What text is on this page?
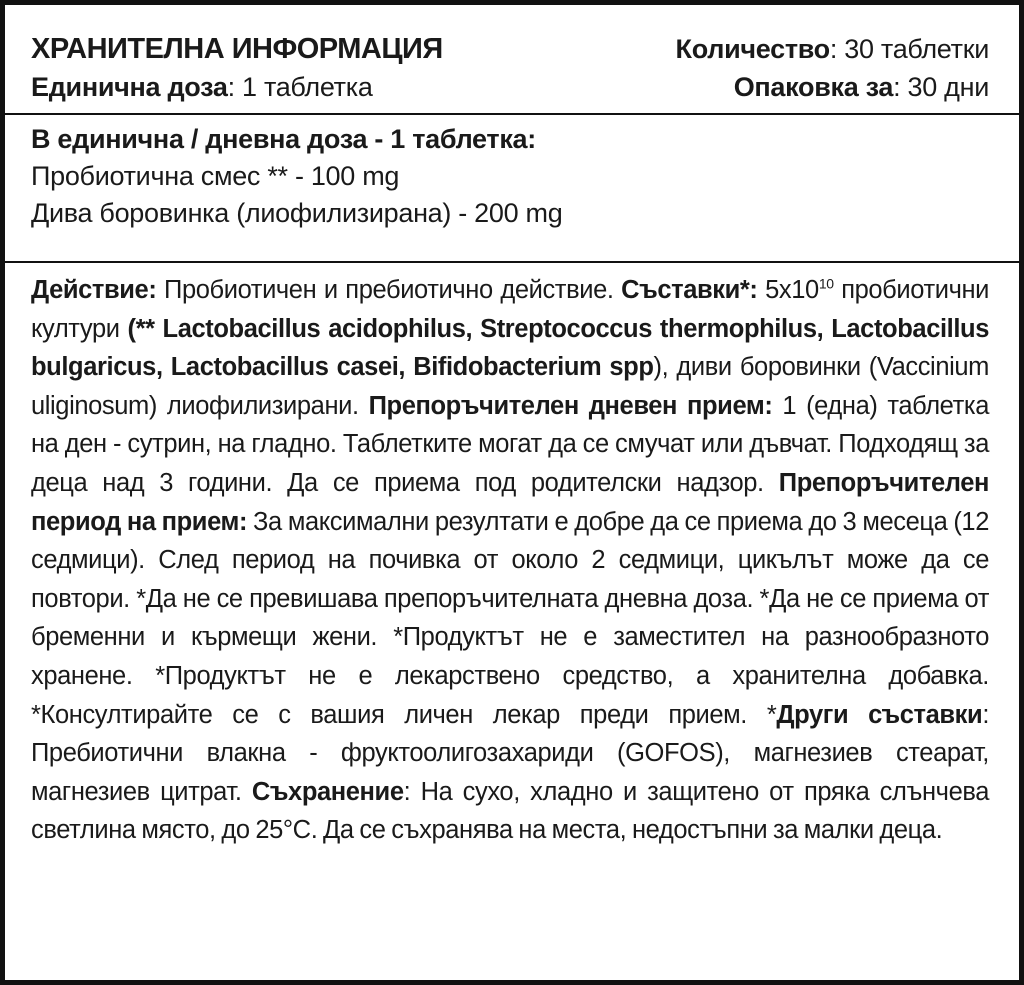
ХРАНИТЕЛНА ИНФОРМАЦИЯ	Количество: 30 таблетки
Единична доза: 1 таблетка	Опаковка за: 30 дни
В единична / дневна доза - 1 таблетка:
Пробиотична смес ** - 100 mg
Дива боровинка (лиофилизирана) - 200 mg
Действие: Пробиотичен и пребиотично действие. Съставки*: $5x10^{10}$ пробиотични култури (** Lactobacillus acidophilus, Streptococcus thermophilus, Lactobacillus bulgaricus, Lactobacillus casei, Bifidobacterium spp), диви боровинки (Vaccinium uliginosum) лиофилизирани. Препоръчителен дневен прием: 1 (една) таблетка на ден - сутрин, на гладно. Таблетките могат да се смучат или дъвчат. Подходящ за деца над 3 години. Да се приема под родителски надзор. Препоръчителен период на прием: За максимални резултати е добре да се приема до 3 месеца (12 седмици). След период на почивка от около 2 седмици, цикълът може да се повтори. *Да не се превишава препоръчителната дневна доза. *Да не се приема от бременни и кърмещи жени. *Продуктът не е заместител на разнообразното хранене. *Продуктът не е лекарствено средство, а хранителна добавка. *Консултирайте се с вашия личен лекар преди прием. *Други съставки: Пребиотични влакна - фруктоолигозахариди (GOFOS), магнезиев стеарат, магнезиев цитрат. Съхранение: На сухо, хладно и защитено от пряка слънчева светлина място, до 25°C. Да се съхранява на места, недостъпни за малки деца.
